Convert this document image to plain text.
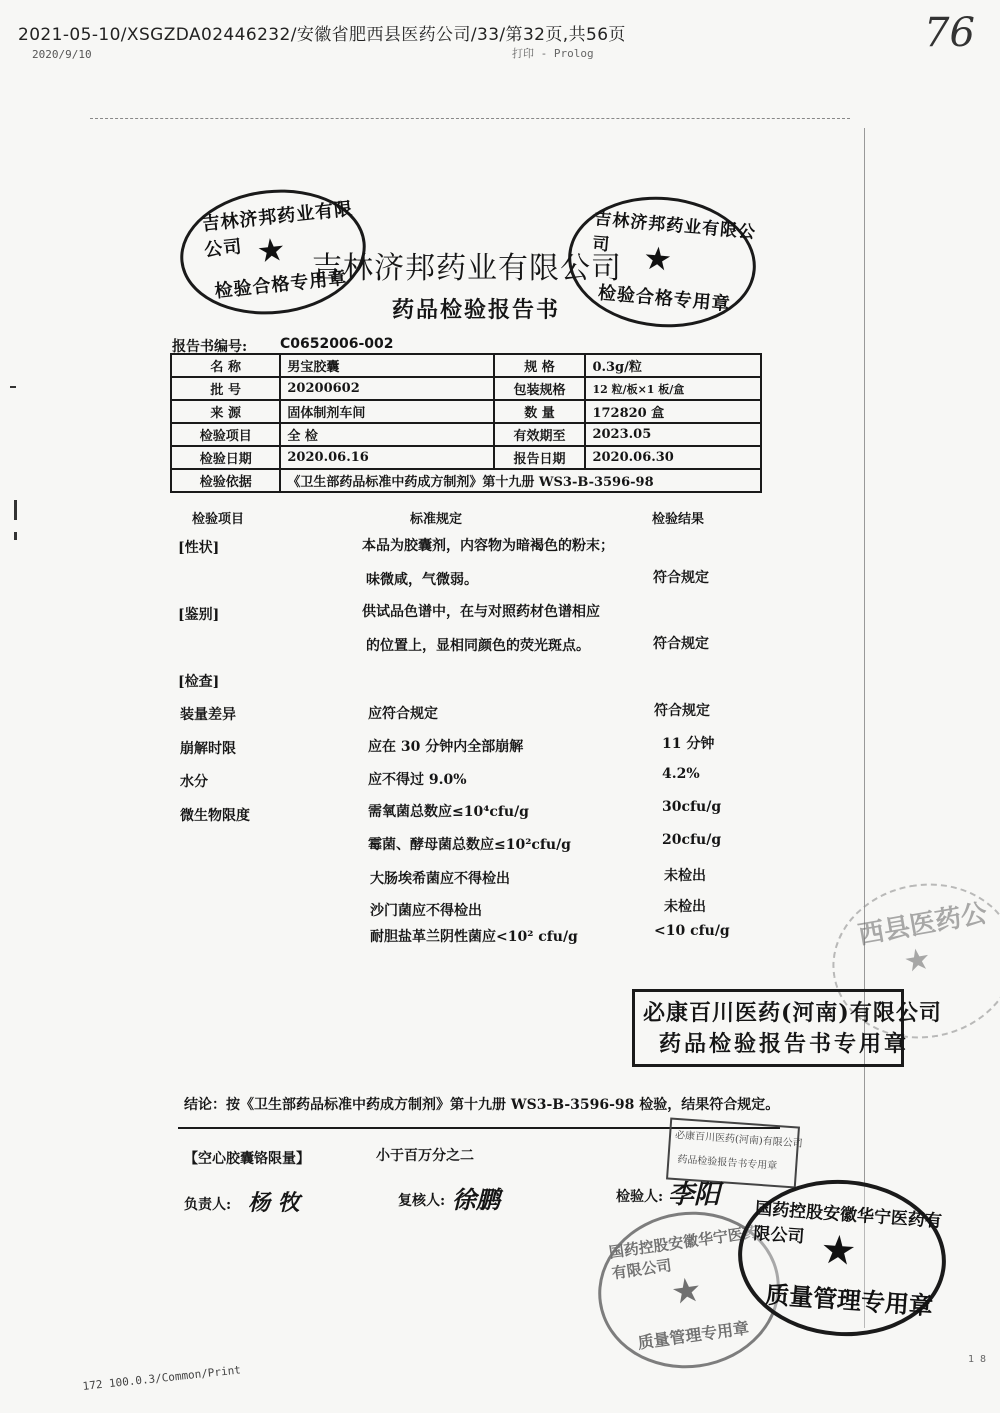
2021-05-10/XSGZDA02446232/安徽省肥西县医药公司/33/第32页,共56页
2020/9/10	打印 - Prolog	76
吉林济邦药业有限公司 ★
检验合格专用章
吉林济邦药业有限公司 ★
检验合格专用章
吉林济邦药业有限公司
药品检验报告书
报告书编号: C0652006-002
名 称	男宝胶囊	规 格	0.3g/粒
批 号	20200602	包装规格	12 粒/板×1 板/盒
来 源	固体制剂车间	数 量	172820 盒
检验项目	全 检	有效期至	2023.05
检验日期	2020.06.16	报告日期	2020.06.30
检验依据	《卫生部药品标准中药成方制剂》第十九册 WS3-B-3596-98		
检验项目	标准规定	检验结果
[性状]	本品为胶囊剂，内容物为暗褐色的粉末；
味微咸，气微弱。	符合规定
[鉴别]	供试品色谱中，在与对照药材色谱相应
的位置上，显相同颜色的荧光斑点。	符合规定
[检查]
装量差异	应符合规定	符合规定
崩解时限	应在 30 分钟内全部崩解	11 分钟
水分	应不得过 9.0%	4.2%
微生物限度	需氧菌总数应≤10⁴cfu/g	30cfu/g
霉菌、酵母菌总数应≤10²cfu/g	20cfu/g
大肠埃希菌应不得检出	未检出
沙门菌应不得检出	未检出
耐胆盐革兰阴性菌应<10² cfu/g	<10 cfu/g	西县医药公
★
必康百川医药(河南)有限公司
药品检验报告书专用章
结论：按《卫生部药品标准中药成方制剂》第十九册 WS3-B-3596-98 检验，结果符合规定。
必康百川医药(河南)有限公司
药品检验报告书专用章
【空心胶囊铬限量】	小于百万分之二
负责人: 杨 牧	复核人: 徐鹏	检验人: 李阳
国药控股安徽华宁医药有限公司
★
质量管理专用章
国药控股安徽华宁医药有限公司 ★
质量管理专用章
172 100.0.3/Common/Print
1 8
